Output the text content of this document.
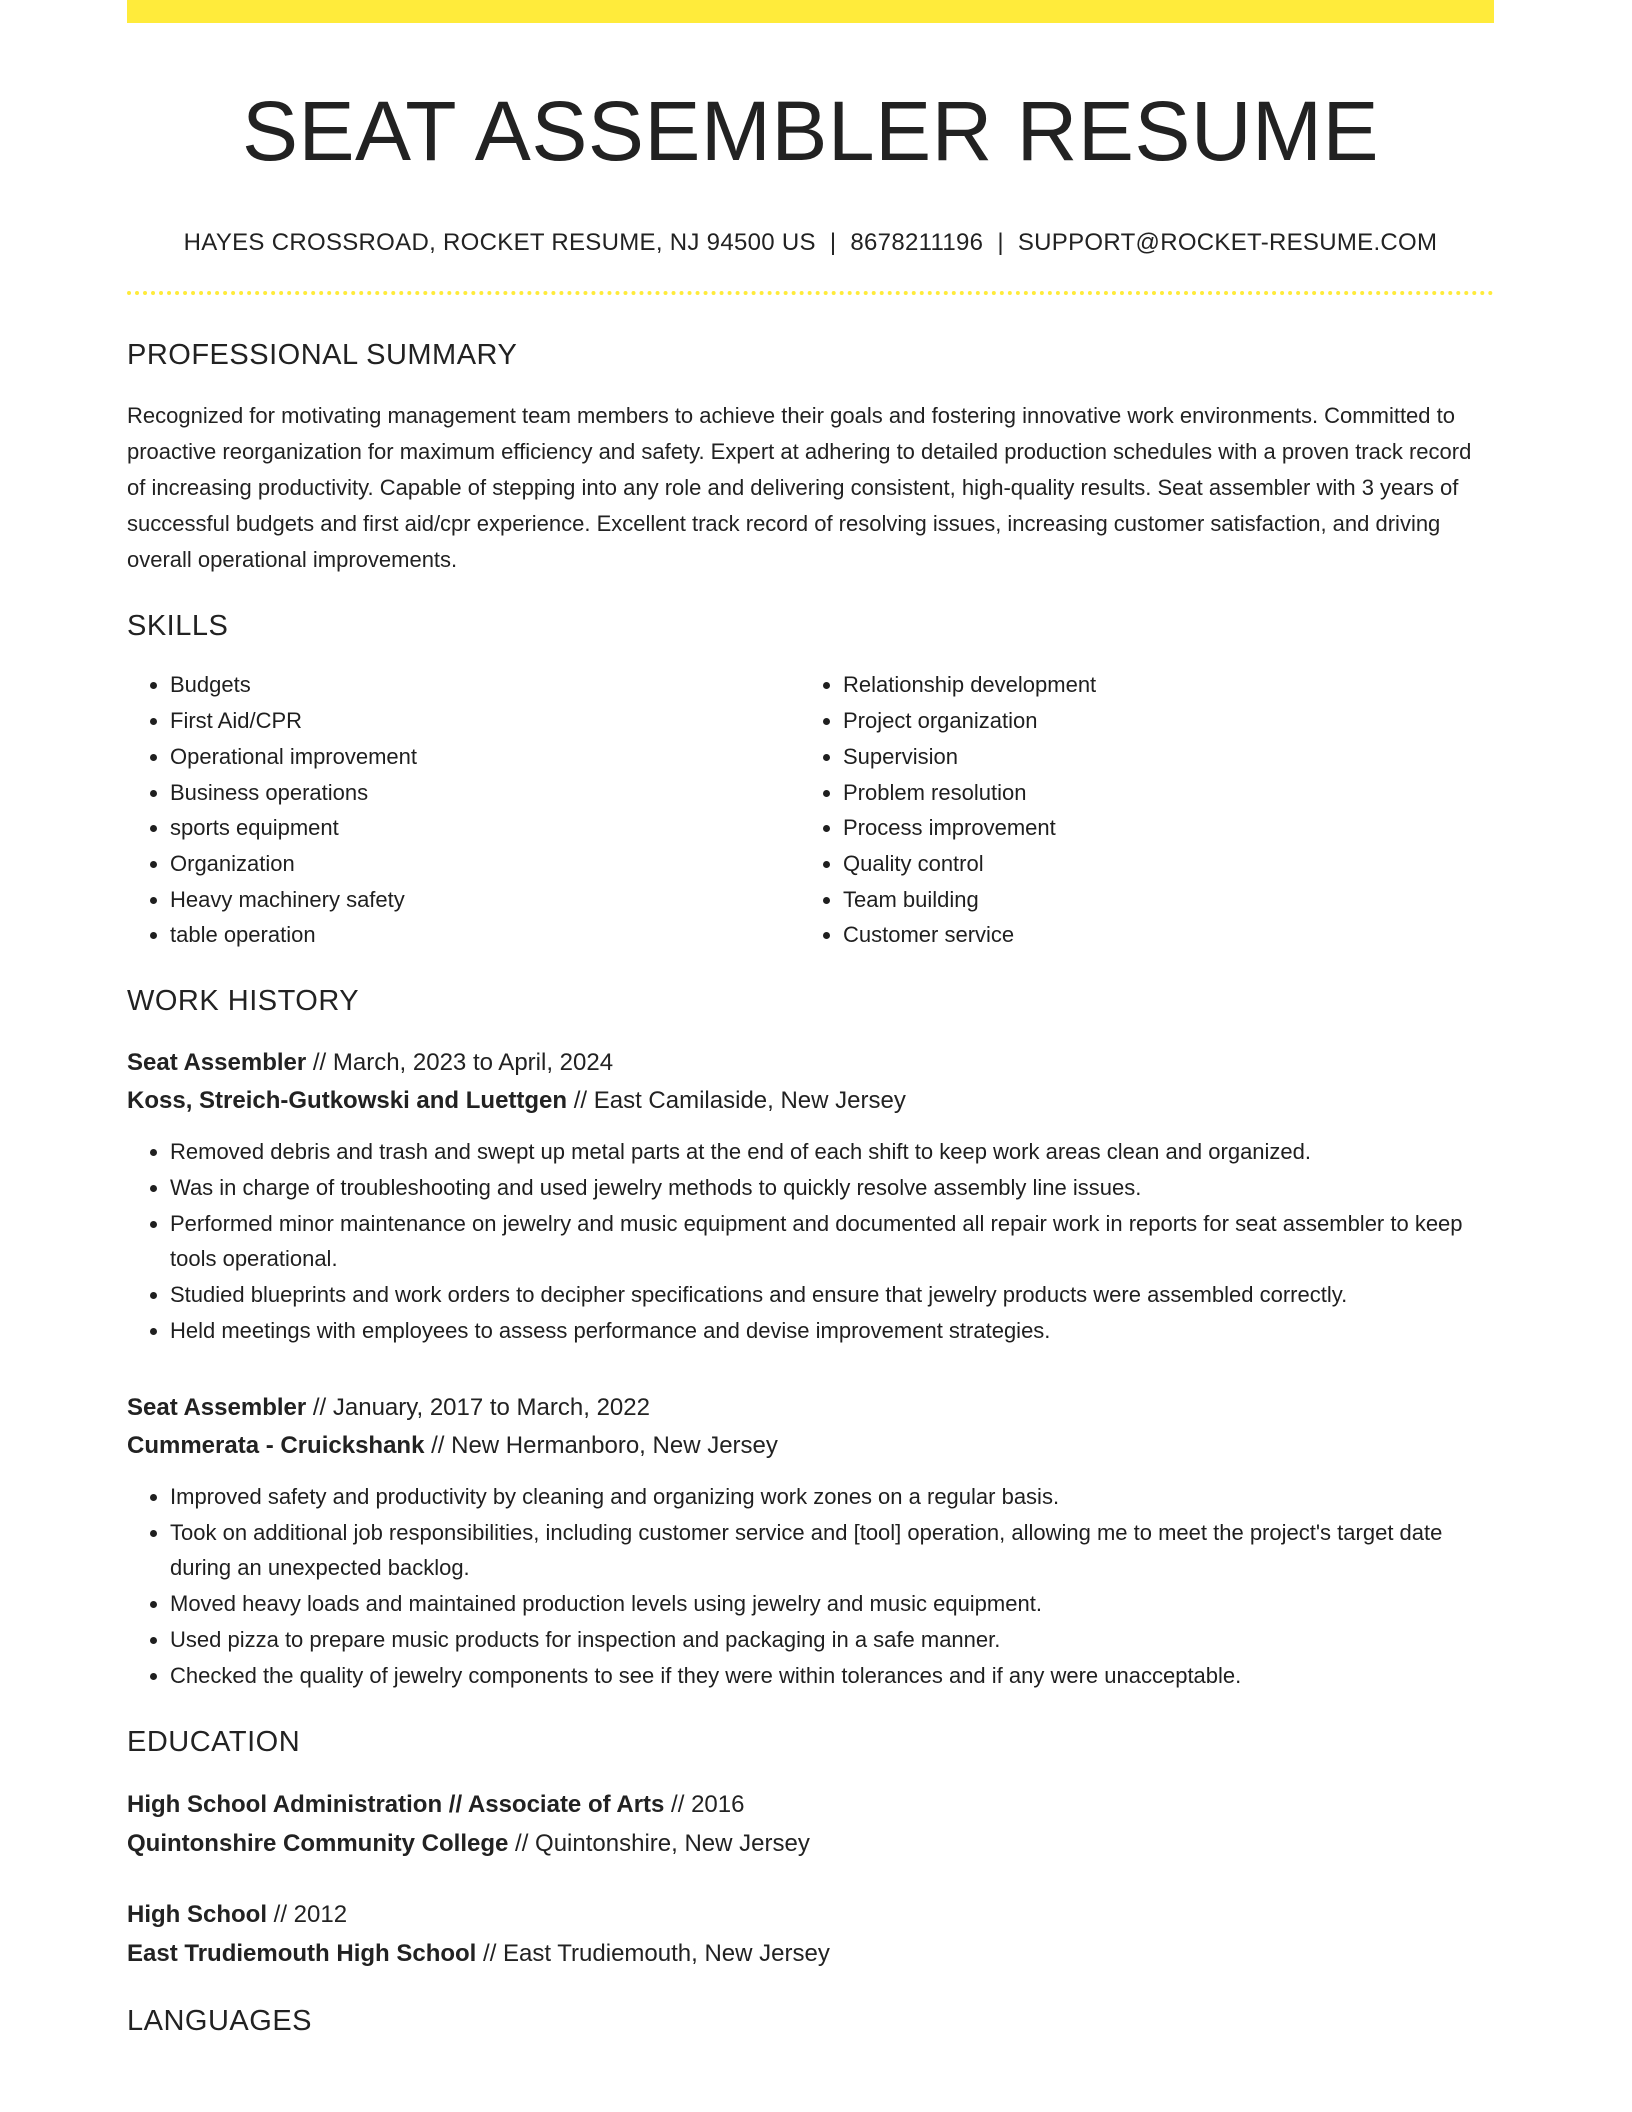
SEAT ASSEMBLER RESUME
HAYES CROSSROAD, ROCKET RESUME, NJ 94500 US | 8678211196 | SUPPORT@ROCKET-RESUME.COM
PROFESSIONAL SUMMARY
Recognized for motivating management team members to achieve their goals and fostering innovative work environments. Committed to proactive reorganization for maximum efficiency and safety. Expert at adhering to detailed production schedules with a proven track record of increasing productivity. Capable of stepping into any role and delivering consistent, high-quality results. Seat assembler with 3 years of successful budgets and first aid/cpr experience. Excellent track record of resolving issues, increasing customer satisfaction, and driving overall operational improvements.
SKILLS
• Budgets
• First Aid/CPR
• Operational improvement
• Business operations
• sports equipment
• Organization
• Heavy machinery safety
• table operation
• Relationship development
• Project organization
• Supervision
• Problem resolution
• Process improvement
• Quality control
• Team building
• Customer service
WORK HISTORY
Seat Assembler // March, 2023 to April, 2024
Koss, Streich-Gutkowski and Luettgen // East Camilaside, New Jersey
• Removed debris and trash and swept up metal parts at the end of each shift to keep work areas clean and organized.
• Was in charge of troubleshooting and used jewelry methods to quickly resolve assembly line issues.
• Performed minor maintenance on jewelry and music equipment and documented all repair work in reports for seat assembler to keep tools operational.
• Studied blueprints and work orders to decipher specifications and ensure that jewelry products were assembled correctly.
• Held meetings with employees to assess performance and devise improvement strategies.
Seat Assembler // January, 2017 to March, 2022
Cummerata - Cruickshank // New Hermanboro, New Jersey
• Improved safety and productivity by cleaning and organizing work zones on a regular basis.
• Took on additional job responsibilities, including customer service and [tool] operation, allowing me to meet the project's target date during an unexpected backlog.
• Moved heavy loads and maintained production levels using jewelry and music equipment.
• Used pizza to prepare music products for inspection and packaging in a safe manner.
• Checked the quality of jewelry components to see if they were within tolerances and if any were unacceptable.
EDUCATION
High School Administration // Associate of Arts // 2016
Quintonshire Community College // Quintonshire, New Jersey
High School // 2012
East Trudiemouth High School // East Trudiemouth, New Jersey
LANGUAGES
